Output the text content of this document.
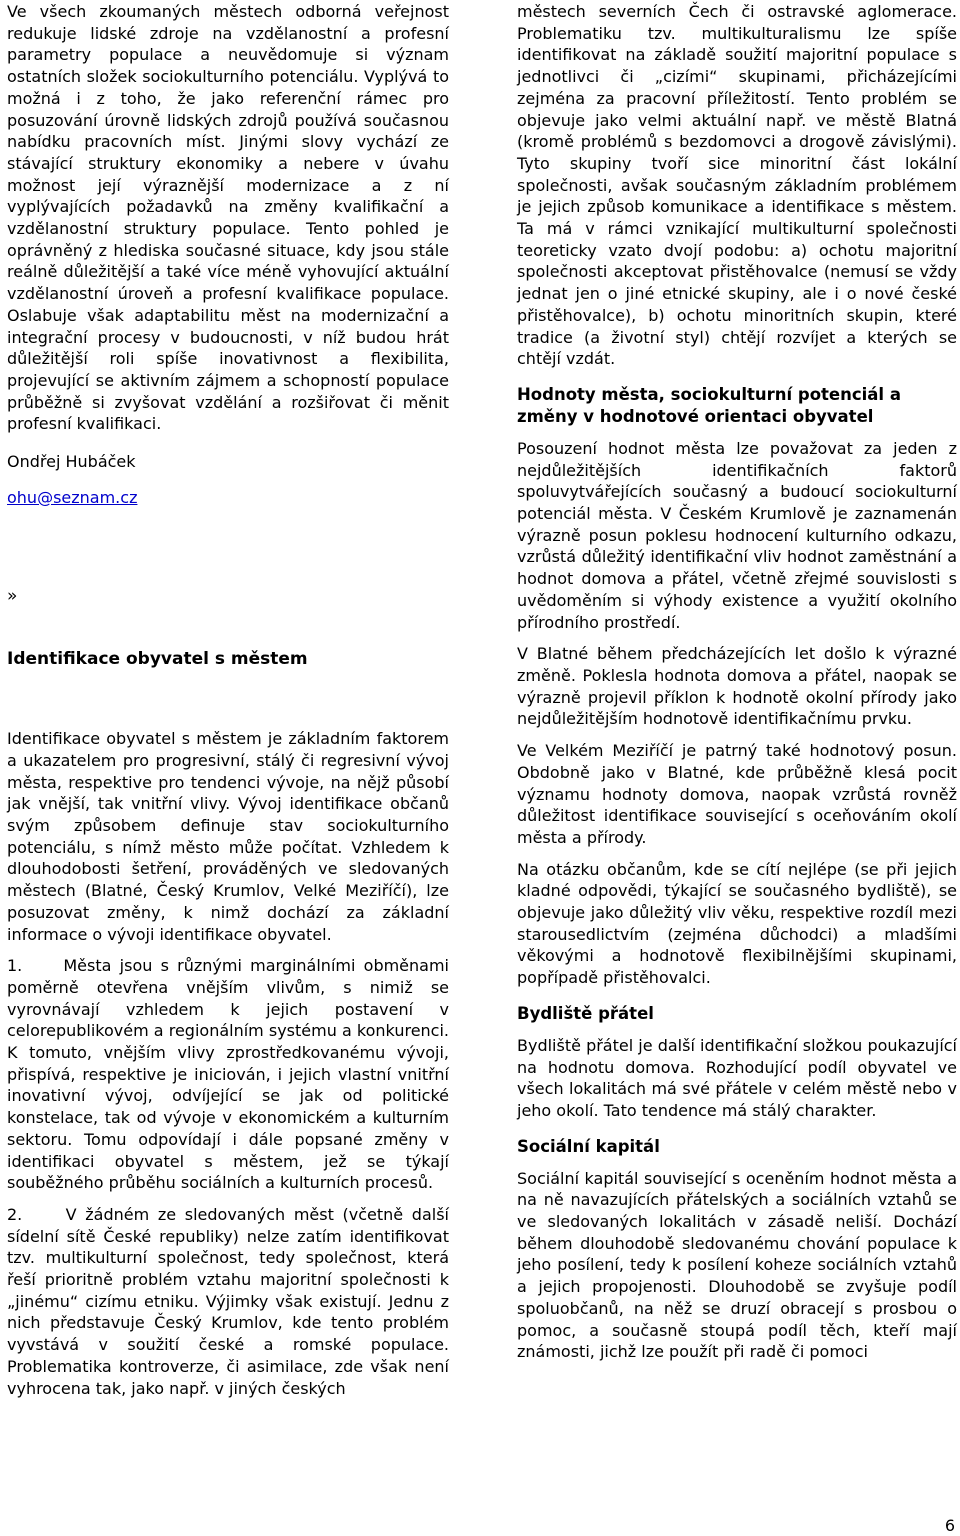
Ve všech zkoumaných městech odborná veřejnost redukuje lidské zdroje na vzdělanostní a profesní parametry populace a neuvědomuje si význam ostatních složek sociokulturního potenciálu. Vyplývá to možná i z toho, že jako referenční rámec pro posuzování úrovně lidských zdrojů používá současnou nabídku pracovních míst. Jinými slovy vychází ze stávající struktury ekonomiky a nebere v úvahu možnost její výraznější modernizace a z ní vyplývajících požadavků na změny kvalifikační a vzdělanostní struktury populace. Tento pohled je oprávněný z hlediska současné situace, kdy jsou stále reálně důležitější a také více méně vyhovující aktuální vzdělanostní úroveň a profesní kvalifikace populace. Oslabuje však adaptabilitu měst na modernizační a integrační procesy v budoucnosti, v níž budou hrát důležitější roli spíše inovativnost a flexibilita, projevující se aktivním zájmem a schopností populace průběžně si zvyšovat vzdělání a rozšiřovat či měnit profesní kvalifikaci.

Ondřej Hubáček

ohu@seznam.cz

»

Identifikace obyvatel s městem

Identifikace obyvatel s městem je základním faktorem a ukazatelem pro progresivní, stálý či regresivní vývoj města, respektive pro tendenci vývoje, na nějž působí jak vnější, tak vnitřní vlivy. Vývoj identifikace občanů svým způsobem definuje stav sociokulturního potenciálu, s nímž město může počítat. Vzhledem k dlouhodobosti šetření, prováděných ve sledovaných městech (Blatné, Český Krumlov, Velké Meziříčí), lze posuzovat změny, k nimž dochází za základní informace o vývoji identifikace obyvatel.

1.     Města jsou s různými marginálními obměnami poměrně otevřena vnějším vlivům, s nimiž se vyrovnávají vzhledem k jejich postavení v celorepublikovém a regionálním systému a konkurenci. K tomuto, vnějším vlivy zprostředkovanému vývoji, přispívá, respektive je iniciován, i jejich vlastní vnitřní inovativní vývoj, odvíjející se jak od politické konstelace, tak od vývoje v ekonomickém a kulturním sektoru. Tomu odpovídají i dále popsané změny v identifikaci obyvatel s městem, jež se týkají souběžného průběhu sociálních a kulturních procesů.

2.     V žádném ze sledovaných měst (včetně další sídelní sítě České republiky) nelze zatím identifikovat tzv. multikulturní společnost, tedy společnost, která řeší prioritně problém vztahu majoritní společnosti k „jinému“ cizímu etniku. Výjimky však existují. Jednu z nich představuje Český Krumlov, kde tento problém vyvstává v soužití české a romské populace. Problematika kontroverze, či asimilace, zde však není vyhrocena tak, jako např. v jiných českých

městech severních Čech či ostravské aglomerace. Problematiku tzv. multikulturalismu lze spíše identifikovat na základě soužití majoritní populace s jednotlivci či „cizími“ skupinami, přicházejícími zejména za pracovní příležitostí. Tento problém se objevuje jako velmi aktuální např. ve městě Blatná (kromě problémů s bezdomovci a drogově závislými). Tyto skupiny tvoří sice minoritní část lokální společnosti, avšak současným základním problémem je jejich způsob komunikace a identifikace s městem. Ta má v rámci vznikající multikulturní společnosti teoreticky vzato dvojí podobu: a) ochotu majoritní společnosti akceptovat přistěhovalce (nemusí se vždy jednat jen o jiné etnické skupiny, ale i o nové české přistěhovalce), b) ochotu minoritních skupin, které tradice (a životní styl) chtějí rozvíjet a kterých se chtějí vzdát.

Hodnoty města, sociokulturní potenciál a změny v hodnotové orientaci obyvatel

Posouzení hodnot města lze považovat za jeden z nejdůležitějších identifikačních faktorů spoluvytvářejících současný a budoucí sociokulturní potenciál města. V Českém Krumlově je zaznamenán výrazně posun poklesu hodnocení kulturního odkazu, vzrůstá důležitý identifikační vliv hodnot zaměstnání a hodnot domova a přátel, včetně zřejmé souvislosti s uvědoměním si výhody existence a využití okolního přírodního prostředí.

V Blatné během předcházejících let došlo k výrazné změně. Poklesla hodnota domova a přátel, naopak se výrazně projevil příklon k hodnotě okolní přírody jako nejdůležitějším hodnotově identifikačnímu prvku.

Ve Velkém Meziříčí je patrný také hodnotový posun. Obdobně jako v Blatné, kde průběžně klesá pocit významu hodnoty domova, naopak vzrůstá rovněž důležitost identifikace související s oceňováním okolí města a přírody.

Na otázku občanům, kde se cítí nejlépe (se při jejich kladné odpovědi, týkající se současného bydliště), se objevuje jako důležitý vliv věku, respektive rozdíl mezi starousedlictvím (zejména důchodci) a mladšími věkovými a hodnotově flexibilnějšími skupinami, popřípadě přistěhovalci.

Bydliště přátel

Bydliště přátel je další identifikační složkou poukazující na hodnotu domova. Rozhodující podíl obyvatel ve všech lokalitách má své přátele v celém městě nebo v jeho okolí. Tato tendence má stálý charakter.

Sociální kapitál

Sociální kapitál související s oceněním hodnot města a na ně navazujících přátelských a sociálních vztahů se ve sledovaných lokalitách v zásadě neliší. Dochází během dlouhodobě sledovanému chování populace k jeho posílení, tedy k posílení koheze sociálních vztahů a jejich propojenosti. Dlouhodobě se zvyšuje podíl spoluobčanů, na něž se druzí obracejí s prosbou o pomoc, a současně stoupá podíl těch, kteří mají známosti, jichž lze použít při radě či pomoci

6
